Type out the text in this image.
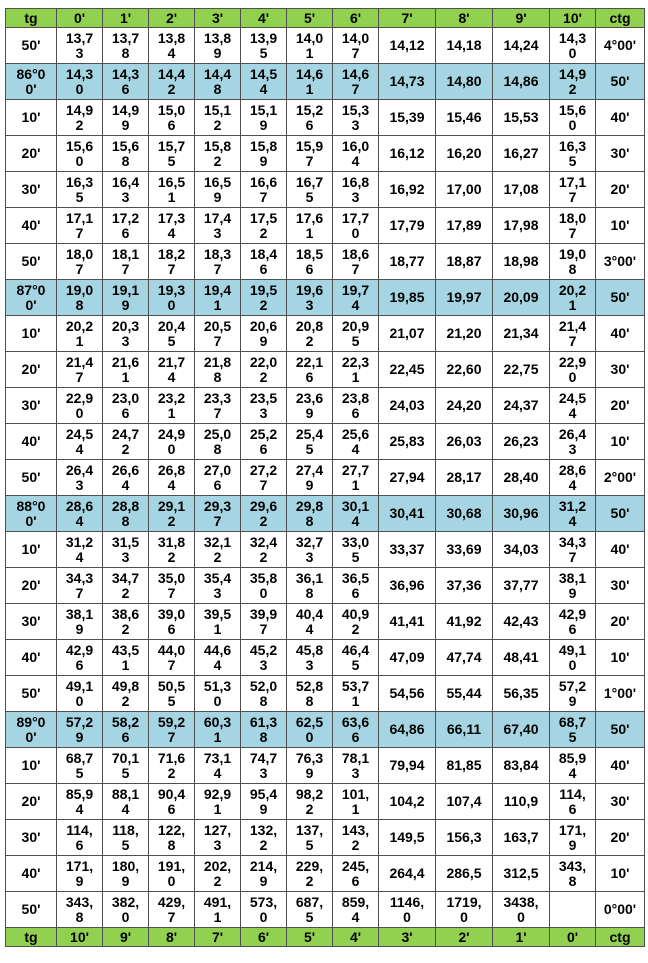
tg	0'	1'	2'	3'	4'	5'	6'	7'	8'	9'	10'	ctg
50'	13,73	13,78	13,84	13,89	13,95	14,01	14,07	14,12	14,18	14,24	14,30	4°00'
86°00'	14,30	14,36	14,42	14,48	14,54	14,61	14,67	14,73	14,80	14,86	14,92	50'
10'	14,92	14,99	15,06	15,12	15,19	15,26	15,33	15,39	15,46	15,53	15,60	40'
20'	15,60	15,68	15,75	15,82	15,89	15,97	16,04	16,12	16,20	16,27	16,35	30'
30'	16,35	16,43	16,51	16,59	16,67	16,75	16,83	16,92	17,00	17,08	17,17	20'
40'	17,17	17,26	17,34	17,43	17,52	17,61	17,70	17,79	17,89	17,98	18,07	10'
50'	18,07	18,17	18,27	18,37	18,46	18,56	18,67	18,77	18,87	18,98	19,08	3°00'
87°00'	19,08	19,19	19,30	19,41	19,52	19,63	19,74	19,85	19,97	20,09	20,21	50'
10'	20,21	20,33	20,45	20,57	20,69	20,82	20,95	21,07	21,20	21,34	21,47	40'
20'	21,47	21,61	21,74	21,88	22,02	22,16	22,31	22,45	22,60	22,75	22,90	30'
30'	22,90	23,06	23,21	23,37	23,53	23,69	23,86	24,03	24,20	24,37	24,54	20'
40'	24,54	24,72	24,90	25,08	25,26	25,45	25,64	25,83	26,03	26,23	26,43	10'
50'	26,43	26,64	26,84	27,06	27,27	27,49	27,71	27,94	28,17	28,40	28,64	2°00'
88°00'	28,64	28,88	29,12	29,37	29,62	29,88	30,14	30,41	30,68	30,96	31,24	50'
10'	31,24	31,53	31,82	32,12	32,42	32,73	33,05	33,37	33,69	34,03	34,37	40'
20'	34,37	34,72	35,07	35,43	35,80	36,18	36,56	36,96	37,36	37,77	38,19	30'
30'	38,19	38,62	39,06	39,51	39,97	40,44	40,92	41,41	41,92	42,43	42,96	20'
40'	42,96	43,51	44,07	44,64	45,23	45,83	46,45	47,09	47,74	48,41	49,10	10'
50'	49,10	49,82	50,55	51,30	52,08	52,88	53,71	54,56	55,44	56,35	57,29	1°00'
89°00'	57,29	58,26	59,27	60,31	61,38	62,50	63,66	64,86	66,11	67,40	68,75	50'
10'	68,75	70,15	71,62	73,14	74,73	76,39	78,13	79,94	81,85	83,84	85,94	40'
20'	85,94	88,14	90,46	92,91	95,49	98,22	101,1	104,2	107,4	110,9	114,6	30'
30'	114,6	118,5	122,8	127,3	132,2	137,5	143,2	149,5	156,3	163,7	171,9	20'
40'	171,9	180,9	191,0	202,2	214,9	229,2	245,6	264,4	286,5	312,5	343,8	10'
50'	343,8	382,0	429,7	491,1	573,0	687,5	859,4	1146,0	1719,0	3438,0		0°00'
tg	10'	9'	8'	7'	6'	5'	4'	3'	2'	1'	0'	ctg
